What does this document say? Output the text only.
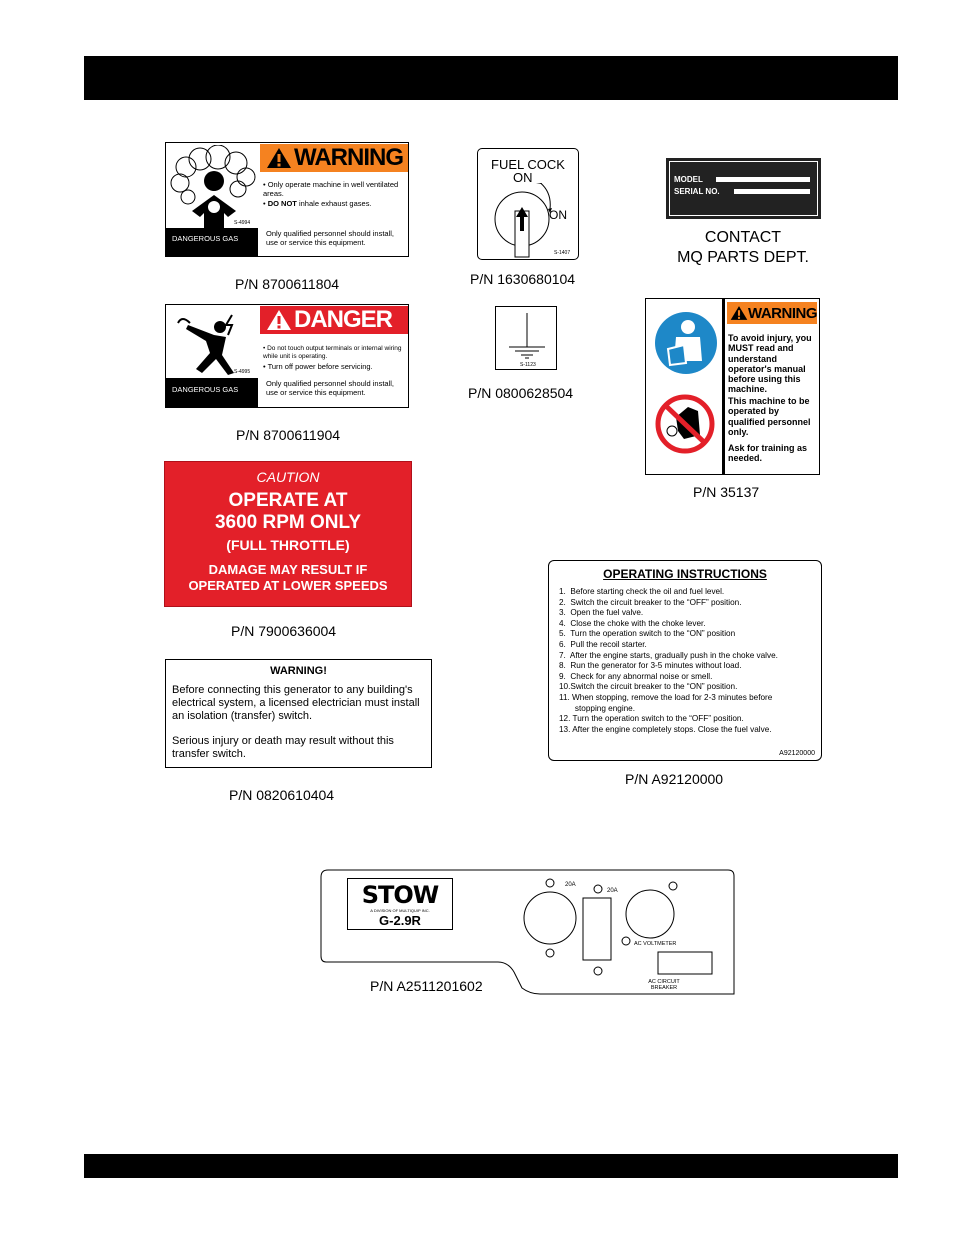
S-4994
WARNING
• Only operate machine in well ventilated areas.
• DO NOT inhale exhaust gases.
DANGEROUS GAS
Only qualified personnel should install, use or service this equipment.
P/N 8700611804
S-4995
DANGER
• Do not touch output terminals or internal wiring while unit is operating.
• Turn off power before servicing.
DANGEROUS GAS
Only qualified personnel should install, use or service this equipment.
P/N 8700611904
CAUTION
OPERATE AT
3600 RPM ONLY
(FULL THROTTLE)
DAMAGE MAY RESULT IF
OPERATED AT LOWER SPEEDS
P/N 7900636004
WARNING!
Before connecting this generator to any building's electrical system, a licensed electrician must install an isolation (transfer) switch.
Serious injury or death may result without this transfer switch.
P/N 0820610404
FUEL COCK
ON
ON
S-1407
P/N 1630680104
S-1123
P/N 0800628504
MODEL
SERIAL NO.
CONTACT
MQ PARTS DEPT.
WARNING
To avoid injury, you MUST read and understand operator's manual before using this machine.
This machine to be operated by qualified personnel only.
Ask for training as needed.
P/N 35137
OPERATING INSTRUCTIONS
1.  Before starting check the oil and fuel level.
2.  Switch the circuit breaker to the “OFF” position.
3.  Open the fuel valve.
4.  Close the choke with the choke lever.
5.  Turn the operation switch to the “ON” position
6.  Pull the recoil starter.
7.  After the engine starts, gradually push in the choke valve.
8.  Run the generator for 3-5 minutes without load.
9.  Check for any abnormal noise or smell.
10.Switch the circuit breaker to the “ON” position.
11. When stopping, remove the load for 2-3 minutes before
stopping engine.
12. Turn the operation switch to the “OFF” position.
13. After the engine completely stops. Close the fuel valve.
A92120000
P/N A92120000
STOW
A DIVISION OF MULTIQUIP INC.
G-2.9R
20A
20A
AC VOLTMETER
AC CIRCUIT BREAKER
P/N A2511201602
